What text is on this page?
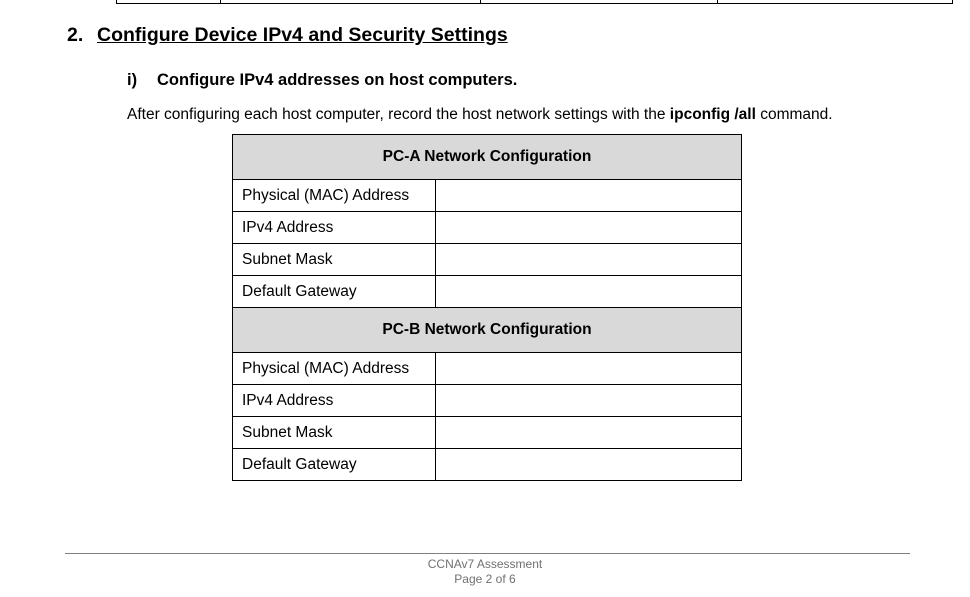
2. Configure Device IPv4 and Security Settings
i) Configure IPv4 addresses on host computers.
After configuring each host computer, record the host network settings with the ipconfig /all command.
PC-A Network Configuration	
Physical (MAC) Address	
IPv4 Address	
Subnet Mask	
Default Gateway	
PC-B Network Configuration	
Physical (MAC) Address	
IPv4 Address	
Subnet Mask	
Default Gateway	
CCNAv7 Assessment
Page 2 of 6
